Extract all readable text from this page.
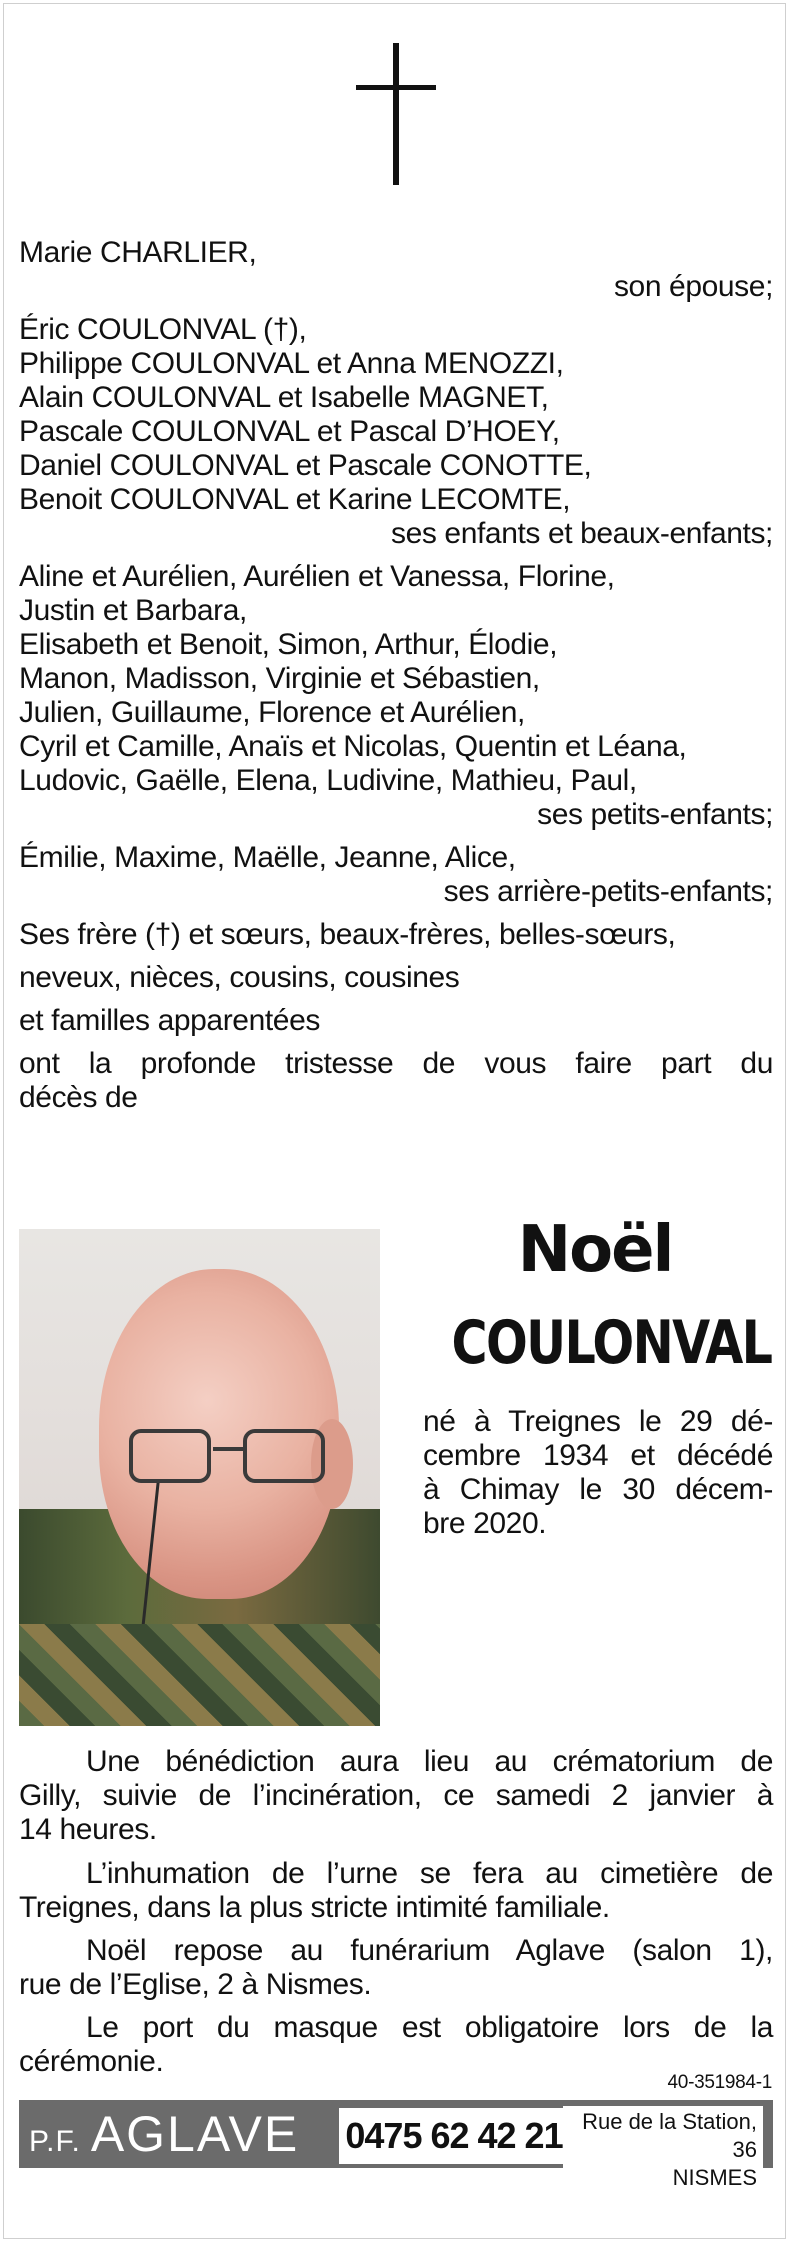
Marie CHARLIER,
son épouse;
Éric COULONVAL (†),
Philippe COULONVAL et Anna MENOZZI,
Alain COULONVAL et Isabelle MAGNET,
Pascale COULONVAL et Pascal D’HOEY,
Daniel COULONVAL et Pascale CONOTTE,
Benoit COULONVAL et Karine LECOMTE,
ses enfants et beaux-enfants;
Aline et Aurélien, Aurélien et Vanessa, Florine,
Justin et Barbara,
Elisabeth et Benoit, Simon, Arthur, Élodie,
Manon, Madisson, Virginie et Sébastien,
Julien, Guillaume, Florence et Aurélien,
Cyril et Camille, Anaïs et Nicolas, Quentin et Léana,
Ludovic, Gaëlle, Elena, Ludivine, Mathieu, Paul,
ses petits-enfants;
Émilie, Maxime, Maëlle, Jeanne, Alice,
ses arrière-petits-enfants;
Ses frère (†) et sœurs, beaux-frères, belles-sœurs,
neveux, nièces, cousins, cousines
et familles apparentées
ont la profonde tristesse de vous faire part du
décès de
Noël
COULONVAL
né à Treignes le 29 dé-
cembre 1934 et décédé
à Chimay le 30 décem-
bre 2020.
Une bénédiction aura lieu au crématorium de
Gilly, suivie de l’incinération, ce samedi 2 janvier à
14 heures.
L’inhumation de l’urne se fera au cimetière de
Treignes, dans la plus stricte intimité familiale.
Noël repose au funérarium Aglave (salon 1),
rue de l’Eglise, 2 à Nismes.
Le port du masque est obligatoire lors de la
cérémonie.
40-351984-1
P.F. AGLAVE 0475 62 42 21 Rue de la Station, 36
NISMES
